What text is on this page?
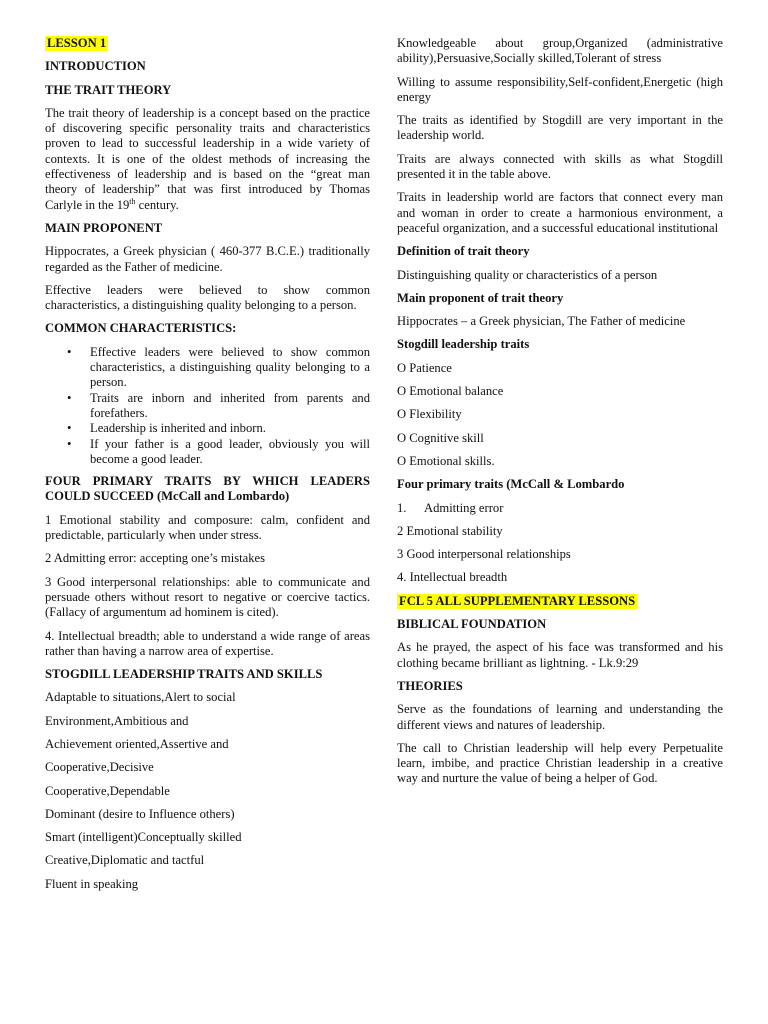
LESSON 1

INTRODUCTION

THE TRAIT THEORY

The trait theory of leadership is a concept based on the practice of discovering specific personality traits and characteristics proven to lead to successful leadership in a wide variety of contexts. It is one of the oldest methods of increasing the effectiveness of leadership and is based on the “great man theory of leadership” that was first introduced by Thomas Carlyle in the 19th century.

MAIN PROPONENT

Hippocrates, a Greek physician ( 460-377 B.C.E.) traditionally regarded as the Father of medicine.

Effective leaders were believed to show common characteristics, a distinguishing quality belonging to a person.

COMMON CHARACTERISTICS:

• Effective leaders were believed to show common characteristics, a distinguishing quality belonging to a person.
• Traits are inborn and inherited from parents and forefathers.
• Leadership is inherited and inborn.
• If your father is a good leader, obviously you will become a good leader.

FOUR PRIMARY TRAITS BY WHICH LEADERS COULD SUCCEED (McCall and Lombardo)

1 Emotional stability and composure: calm, confident and predictable, particularly when under stress.

2 Admitting error: accepting one’s mistakes

3 Good interpersonal relationships: able to communicate and persuade others without resort to negative or coercive tactics. (Fallacy of argumentum ad hominem is cited).

4. Intellectual breadth; able to understand a wide range of areas rather than having a narrow area of expertise.

STOGDILL LEADERSHIP TRAITS AND SKILLS

Adaptable to situations,Alert to social

Environment,Ambitious and

Achievement oriented,Assertive and

Cooperative,Decisive

Cooperative,Dependable

Dominant (desire to Influence others)

Smart (intelligent)Conceptually skilled

Creative,Diplomatic and tactful

Fluent in speaking

Knowledgeable about group,Organized (administrative ability),Persuasive,Socially skilled,Tolerant of stress

Willing to assume responsibility,Self-confident,Energetic (high energy

The traits as identified by Stogdill are very important in the leadership world.

Traits are always connected with skills as what Stogdill presented it in the table above.

Traits in leadership world are factors that connect every man and woman in order to create a harmonious environment, a peaceful organization, and a successful educational institutional

Definition of trait theory

Distinguishing quality or characteristics of a person

Main proponent of trait theory

Hippocrates – a Greek physician, The Father of medicine

Stogdill leadership traits

O Patience

O Emotional balance

O Flexibility

O Cognitive skill

O Emotional skills.

Four primary traits (McCall & Lombardo

1. Admitting error

2 Emotional stability

3 Good interpersonal relationships

4. Intellectual breadth

FCL 5 ALL SUPPLEMENTARY LESSONS

BIBLICAL FOUNDATION

As he prayed, the aspect of his face was transformed and his clothing became brilliant as lightning. - Lk.9:29

THEORIES

Serve as the foundations of learning and understanding the different views and natures of leadership.

The call to Christian leadership will help every Perpetualite learn, imbibe, and practice Christian leadership in a creative way and nurture the value of being a helper of God.
